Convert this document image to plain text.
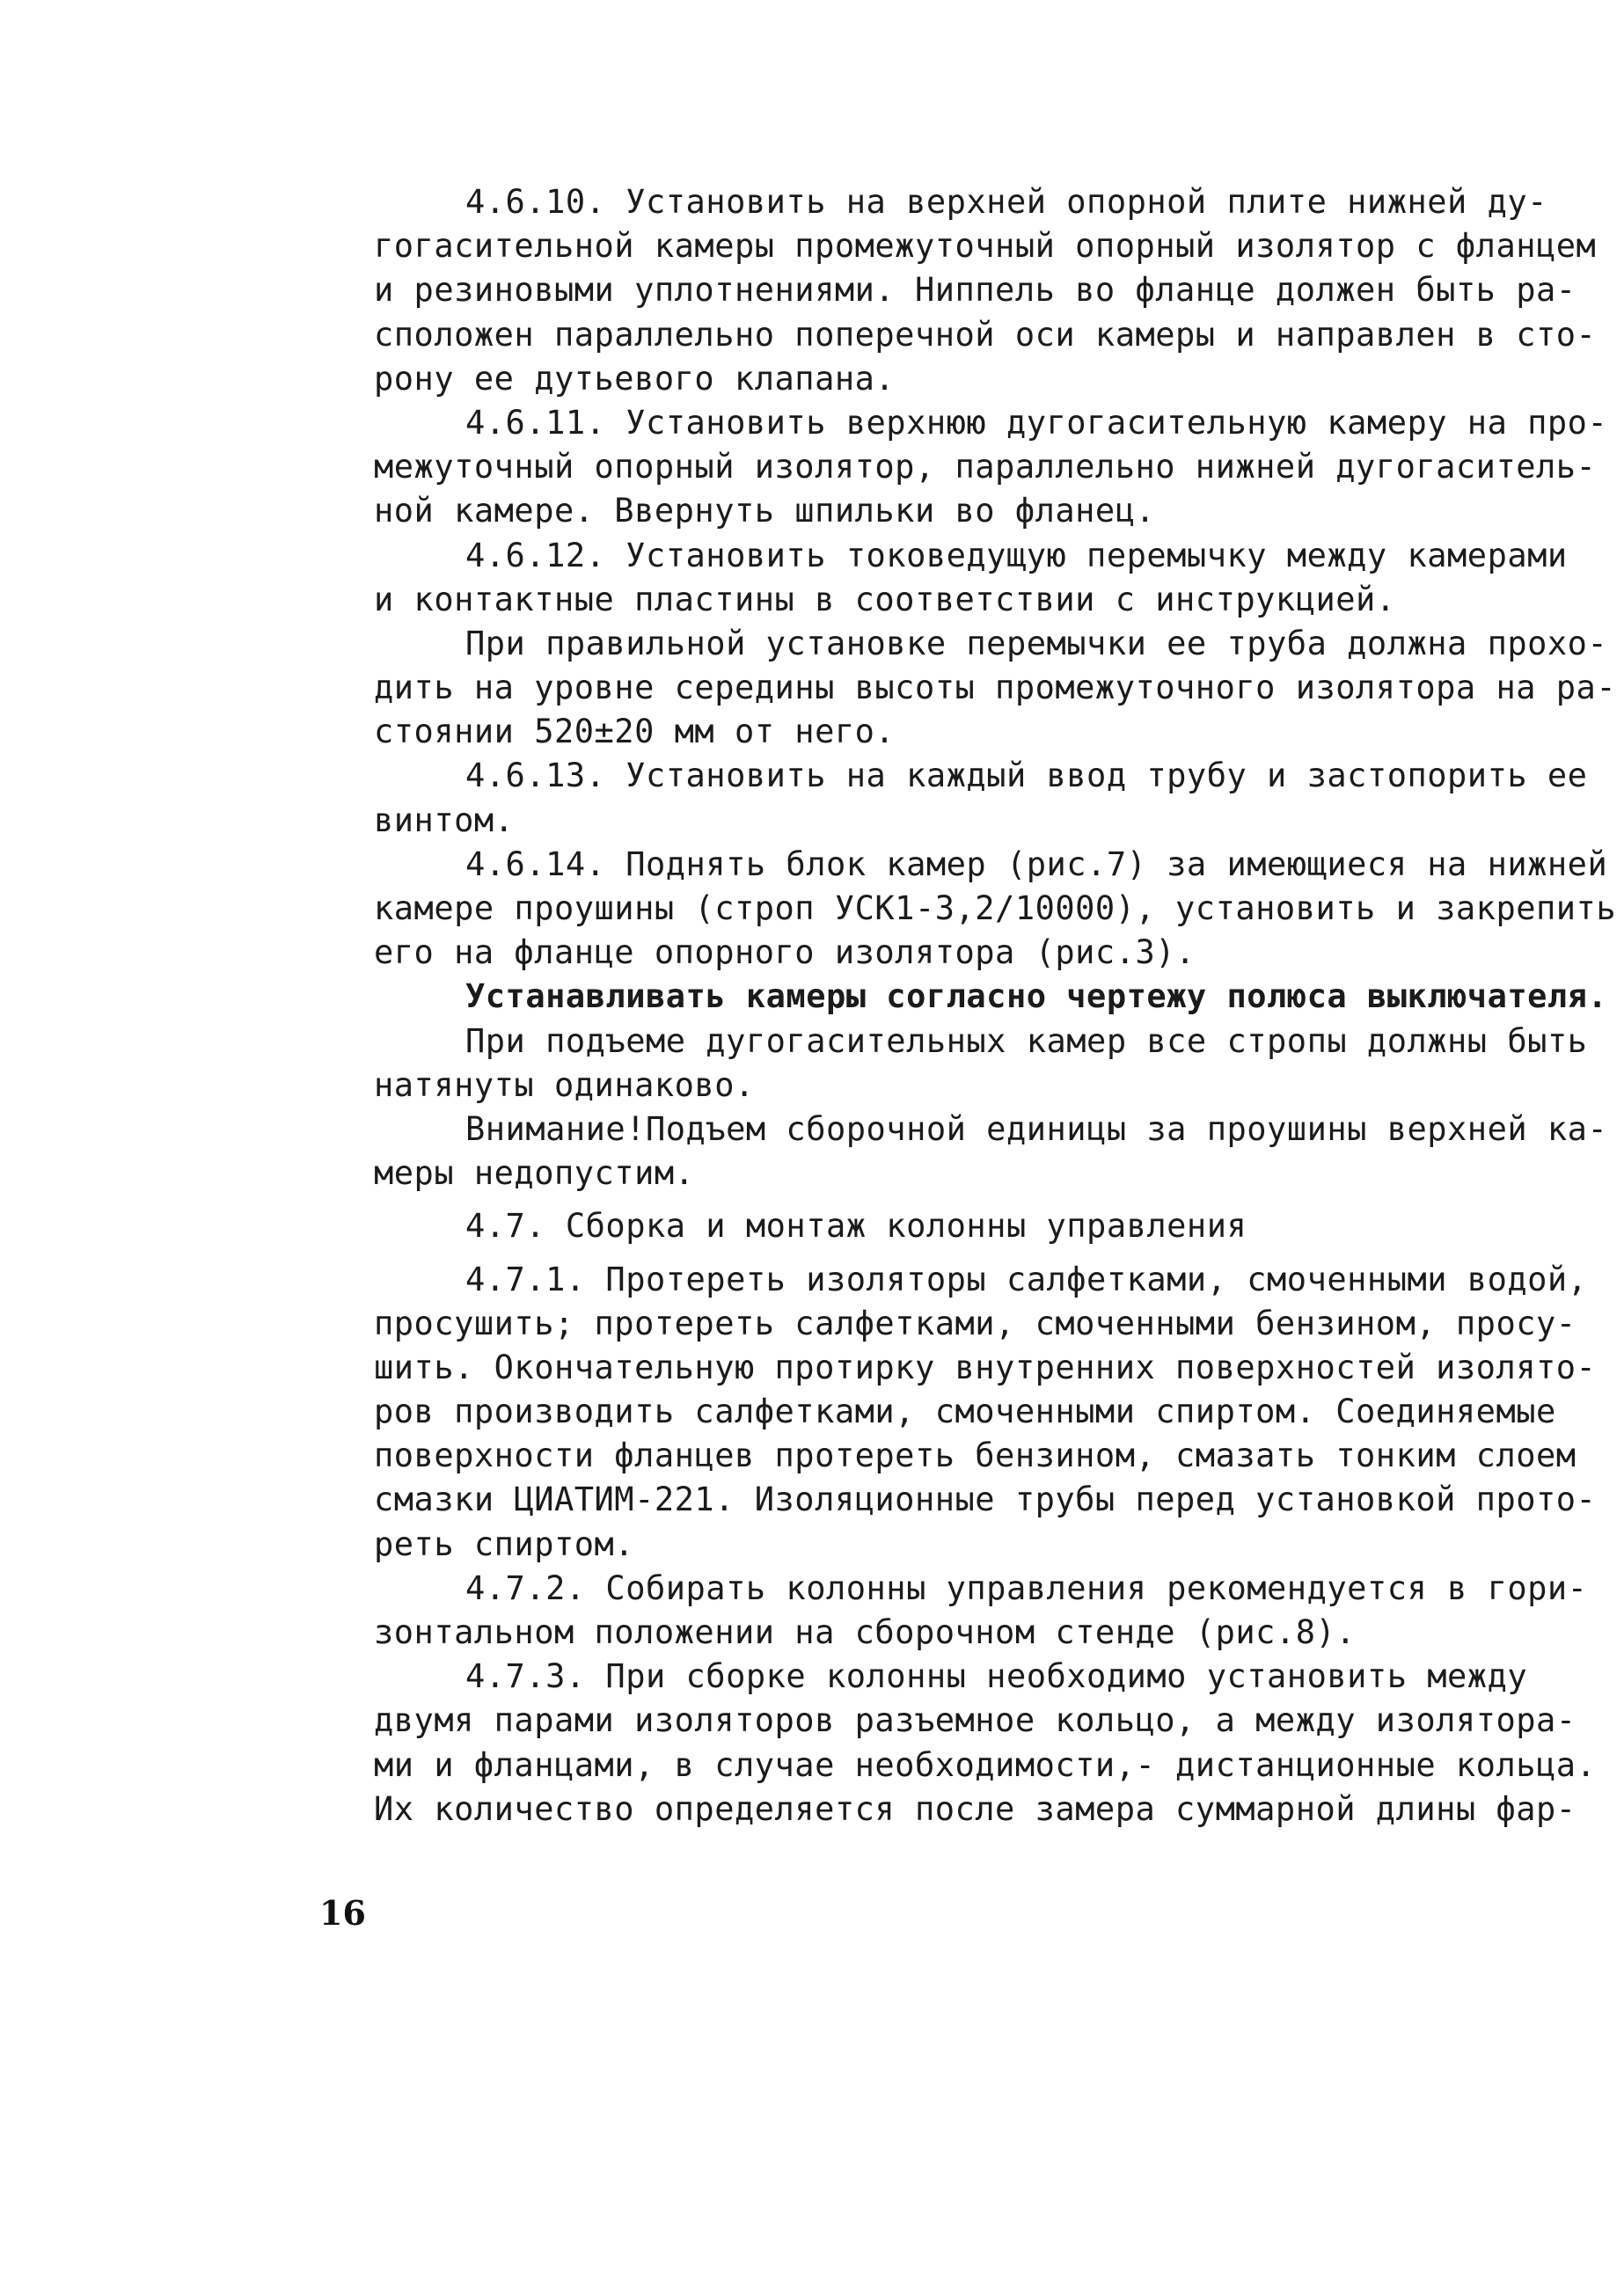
4.6.10. Установить на верхней опорной плите нижней ду-
гогасительной камеры промежуточный опорный изолятор с фланцем
и резиновыми уплотнениями. Ниппель во фланце должен быть ра-
сположен параллельно поперечной оси камеры и направлен в сто-
рону ее дутьевого клапана.
4.6.11. Установить верхнюю дугогасительную камеру на про-
межуточный опорный изолятор, параллельно нижней дугогаситель-
ной камере. Ввернуть шпильки во фланец.
4.6.12. Установить токоведущую перемычку между камерами
и контактные пластины в соответствии с инструкцией.
При правильной установке перемычки ее труба должна прохо-
дить на уровне середины высоты промежуточного изолятора на ра-
стоянии 520±20 мм от него.
4.6.13. Установить на каждый ввод трубу и застопорить ее
винтом.
4.6.14. Поднять блок камер (рис.7) за имеющиеся на нижней
камере проушины (строп УСК1-3,2/10000), установить и закрепить
его на фланце опорного изолятора (рис.3).
Устанавливать камеры согласно чертежу полюса выключателя.
При подъеме дугогасительных камер все стропы должны быть
натянуты одинаково.
Внимание!Подъем сборочной единицы за проушины верхней ка-
меры недопустим.
4.7. Сборка и монтаж колонны управления
4.7.1. Протереть изоляторы салфетками, смоченными водой,
просушить; протереть салфетками, смоченными бензином, просу-
шить. Окончательную протирку внутренних поверхностей изолято-
ров производить салфетками, смоченными спиртом. Соединяемые
поверхности фланцев протереть бензином, смазать тонким слоем
смазки ЦИАТИМ-221. Изоляционные трубы перед установкой прото-
реть спиртом.
4.7.2. Собирать колонны управления рекомендуется в гори-
зонтальном положении на сборочном стенде (рис.8).
4.7.3. При сборке колонны необходимо установить между
двумя парами изоляторов разъемное кольцо, а между изолятора-
ми и фланцами, в случае необходимости,- дистанционные кольца.
Их количество определяется после замера суммарной длины фар-
16
